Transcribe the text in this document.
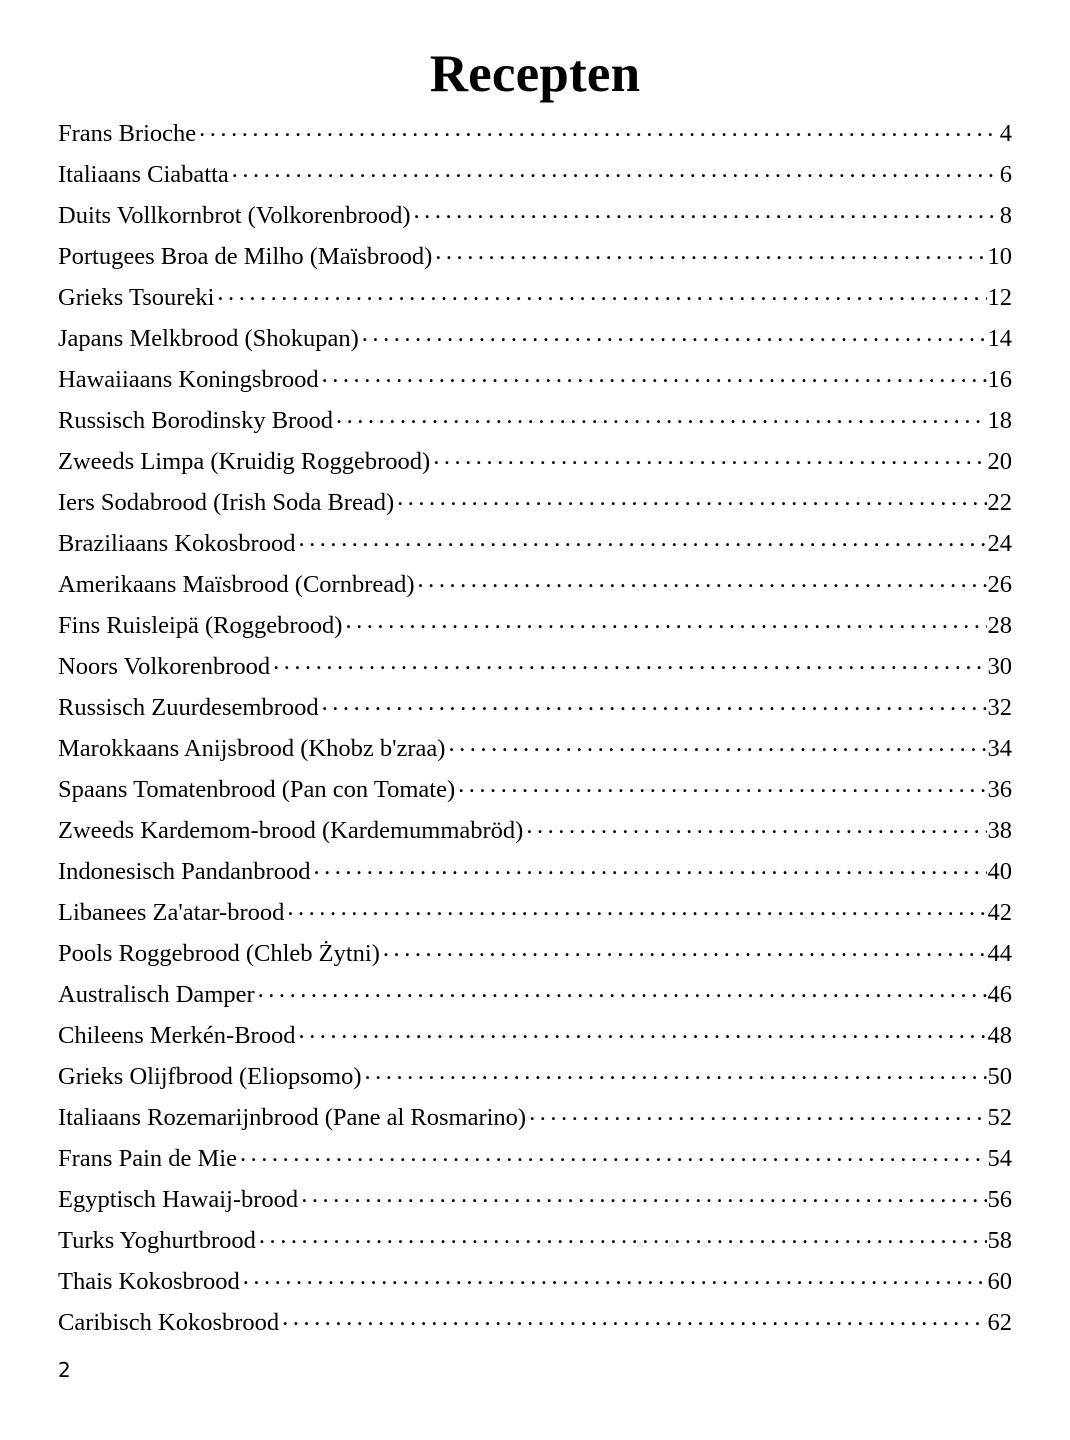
Recepten
Frans Brioche . . .	4
Italiaans Ciabatta . . .	6
Duits Vollkornbrot (Volkorenbrood) . . .	8
Portugees Broa de Milho (Maïsbrood) . . .	10
Grieks Tsoureki . . .	12
Japans Melkbrood (Shokupan) . . .	14
Hawaiiaans Koningsbrood . . .	16
Russisch Borodinsky Brood . . .	18
Zweeds Limpa (Kruidig Roggebrood) . . .	20
Iers Sodabrood (Irish Soda Bread) . . .	22
Braziliaans Kokosbrood . . .	24
Amerikaans Maïsbrood (Cornbread) . . .	26
Fins Ruisleipä (Roggebrood) . . .	28
Noors Volkorenbrood . . .	30
Russisch Zuurdesembrood . . .	32
Marokkaans Anijsbrood (Khobz b'zraa) . . .	34
Spaans Tomatenbrood (Pan con Tomate) . . .	36
Zweeds Kardemom-brood (Kardemummabröd) . . .	38
Indonesisch Pandanbrood . . .	40
Libanees Za'atar-brood . . .	42
Pools Roggebrood (Chleb Żytni) . . .	44
Australisch Damper . . .	46
Chileens Merkén-Brood . . .	48
Grieks Olijfbrood (Eliopsomo) . . .	50
Italiaans Rozemarijnbrood (Pane al Rosmarino) . . .	52
Frans Pain de Mie . . .	54
Egyptisch Hawaij-brood . . .	56
Turks Yoghurtbrood . . .	58
Thais Kokosbrood . . .	60
Caribisch Kokosbrood . . .	62
2
